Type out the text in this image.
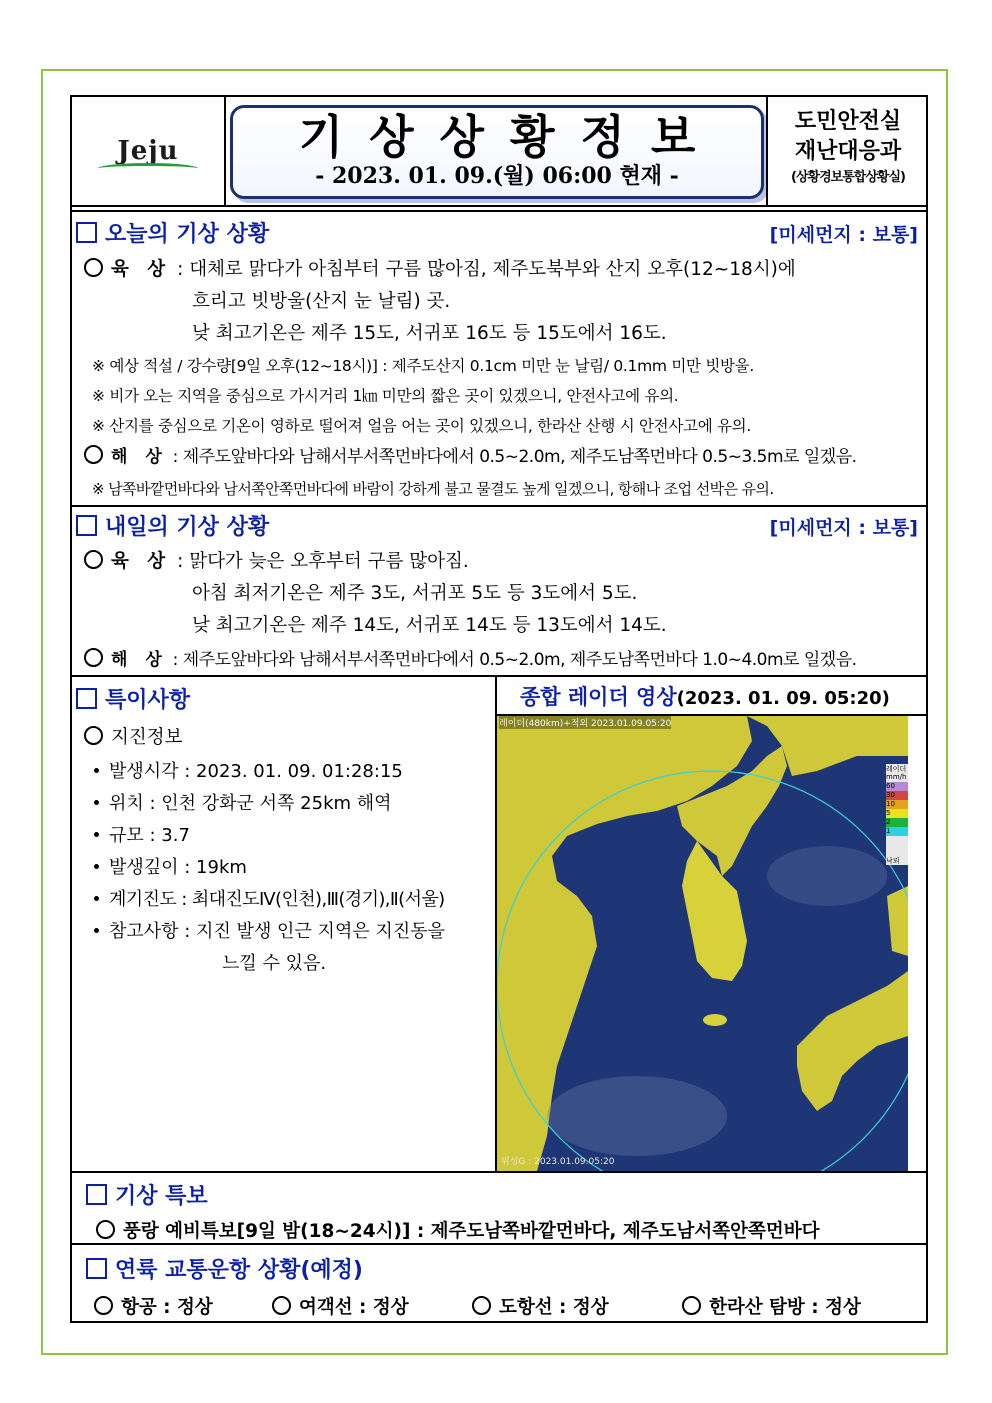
Jeju	기상상황정보
- 2023. 01. 09.(월) 06:00 현재 -
도민안전실
재난대응과
(상황경보통합상황실)
오늘의 기상 상황	[미세먼지 : 보통]
육 상 : 대체로 맑다가 아침부터 구름 많아짐, 제주도북부와 산지 오후(12~18시)에
흐리고 빗방울(산지 눈 날림) 곳.
낮 최고기온은 제주 15도, 서귀포 16도 등 15도에서 16도.
※ 예상 적설 / 강수량[9일 오후(12~18시)] : 제주도산지 0.1cm 미만 눈 날림/ 0.1mm 미만 빗방울.
※ 비가 오는 지역을 중심으로 가시거리 1㎞ 미만의 짧은 곳이 있겠으니, 안전사고에 유의.
※ 산지를 중심으로 기온이 영하로 떨어져 얼음 어는 곳이 있겠으니, 한라산 산행 시 안전사고에 유의.
해 상 : 제주도앞바다와 남해서부서쪽먼바다에서 0.5~2.0m, 제주도남쪽먼바다 0.5~3.5m로 일겠음.
※ 남쪽바깥먼바다와 남서쪽안쪽먼바다에 바람이 강하게 불고 물결도 높게 일겠으니, 항해나 조업 선박은 유의.
내일의 기상 상황	[미세먼지 : 보통]
육 상 : 맑다가 늦은 오후부터 구름 많아짐.
아침 최저기온은 제주 3도, 서귀포 5도 등 3도에서 5도.
낮 최고기온은 제주 14도, 서귀포 14도 등 13도에서 14도.
해 상 : 제주도앞바다와 남해서부서쪽먼바다에서 0.5~2.0m, 제주도남쪽먼바다 1.0~4.0m로 일겠음.
특이사항
지진정보
발생시각 : 2023. 01. 09. 01:28:15
위치 : 인천 강화군 서쪽 25km 해역
규모 : 3.7
발생깊이 : 19km
계기진도 : 최대진도Ⅳ(인천),Ⅲ(경기),Ⅱ(서울)
참고사항 : 지진 발생 인근 지역은 지진동을
느낄 수 있음.
종합 레이더 영상(2023. 01. 09. 05:20)
레이더(480km)+적외 2023.01.09.05:20
위성G : 2023.01.09.05:20
레이더
mm/h
60
30
10
5
2
1
낙뢰
기상 특보
풍랑 예비특보[9일 밤(18~24시)] : 제주도남쪽바깥먼바다, 제주도남서쪽안쪽먼바다
연륙 교통운항 상황(예정)
항공 : 정상	여객선 : 정상	도항선 : 정상	한라산 탐방 : 정상
